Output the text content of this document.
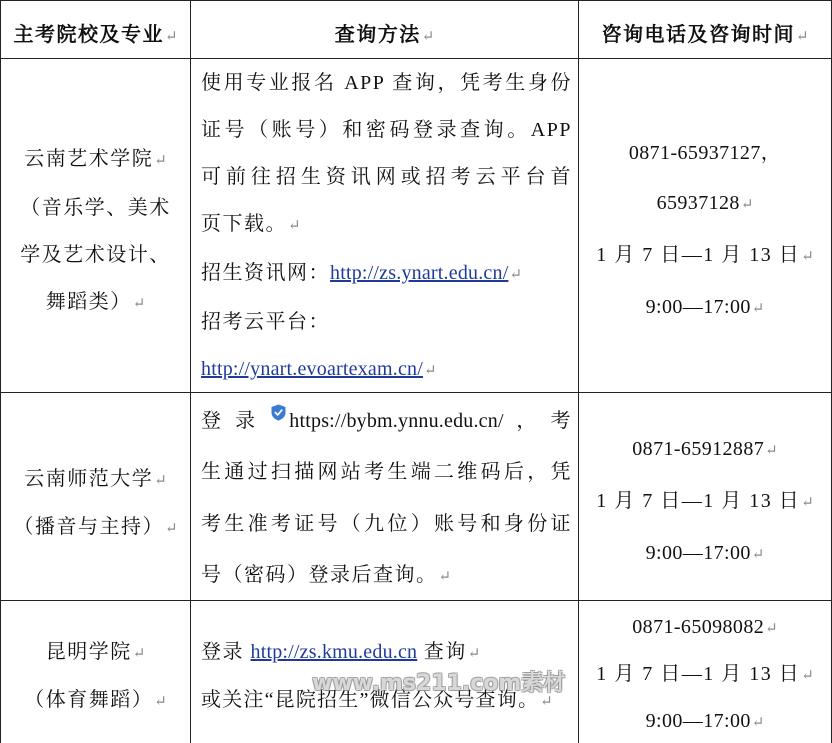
主考院校及专业↵	查询方法↵	咨询电话及咨询时间↵
云南艺术学院↵
（音乐学、美术
学及艺术设计、
舞蹈类）↵
使用专业报名 APP 查询，凭考生身份
证号（账号）和密码登录查询。APP
可前往招生资讯网或招考云平台首
页下载。↵
招生资讯网：http://zs.ynart.edu.cn/↵
招考云平台：
http://ynart.evoartexam.cn/↵
0871-65937127，
65937128↵
1 月 7 日—1 月 13 日↵
9:00—17:00↵
云南师范大学↵
（播音与主持）↵
登录 https://bybm.ynnu.edu.cn/，考
生通过扫描网站考生端二维码后，凭
考生准考证号（九位）账号和身份证
号（密码）登录后查询。↵
0871-65912887↵
1 月 7 日—1 月 13 日↵
9:00—17:00↵
昆明学院↵
（体育舞蹈）↵
登录 http://zs.kmu.edu.cn 查询↵
或关注“昆院招生”微信公众号查询。↵
0871-65098082↵
1 月 7 日—1 月 13 日↵
9:00—17:00↵
www.ms211.com素材
